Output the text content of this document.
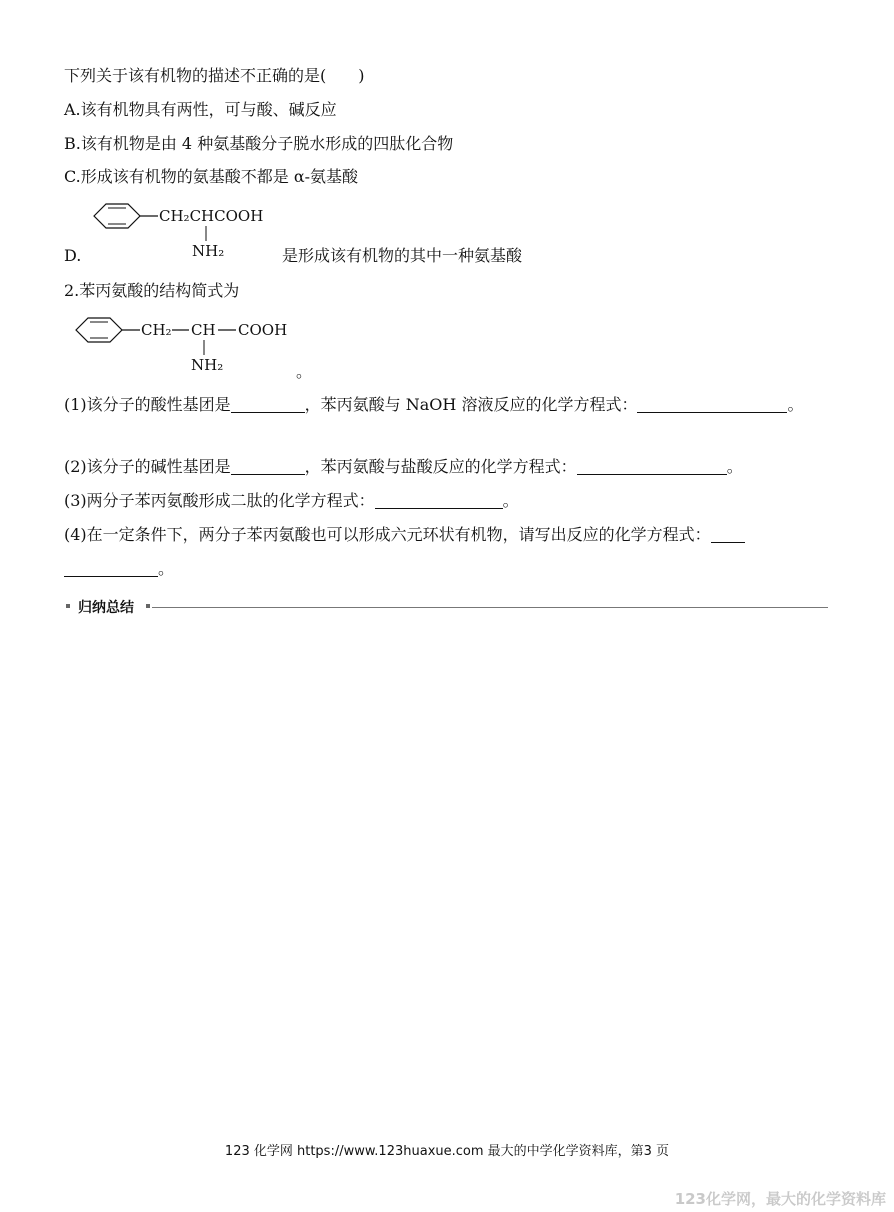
下列关于该有机物的描述不正确的是(　　)
A.该有机物具有两性，可与酸、碱反应
B.该有机物是由 4 种氨基酸分子脱水形成的四肽化合物
C.形成该有机物的氨基酸不都是 α-氨基酸
CH₂CHCOOH
NH₂
D.	是形成该有机物的其中一种氨基酸
2.苯丙氨酸的结构简式为
CH₂ CH COOH
NH₂	。
(1)该分子的酸性基团是	，苯丙氨酸与 NaOH 溶液反应的化学方程式：	。
(2)该分子的碱性基团是	，苯丙氨酸与盐酸反应的化学方程式：	。
(3)两分子苯丙氨酸形成二肽的化学方程式：	。
(4)在一定条件下，两分子苯丙氨酸也可以形成六元环状有机物，请写出反应的化学方程式：
。
归纳总结
123 化学网 https://www.123huaxue.com 最大的中学化学资料库，第3 页
123化学网，最大的化学资料库
